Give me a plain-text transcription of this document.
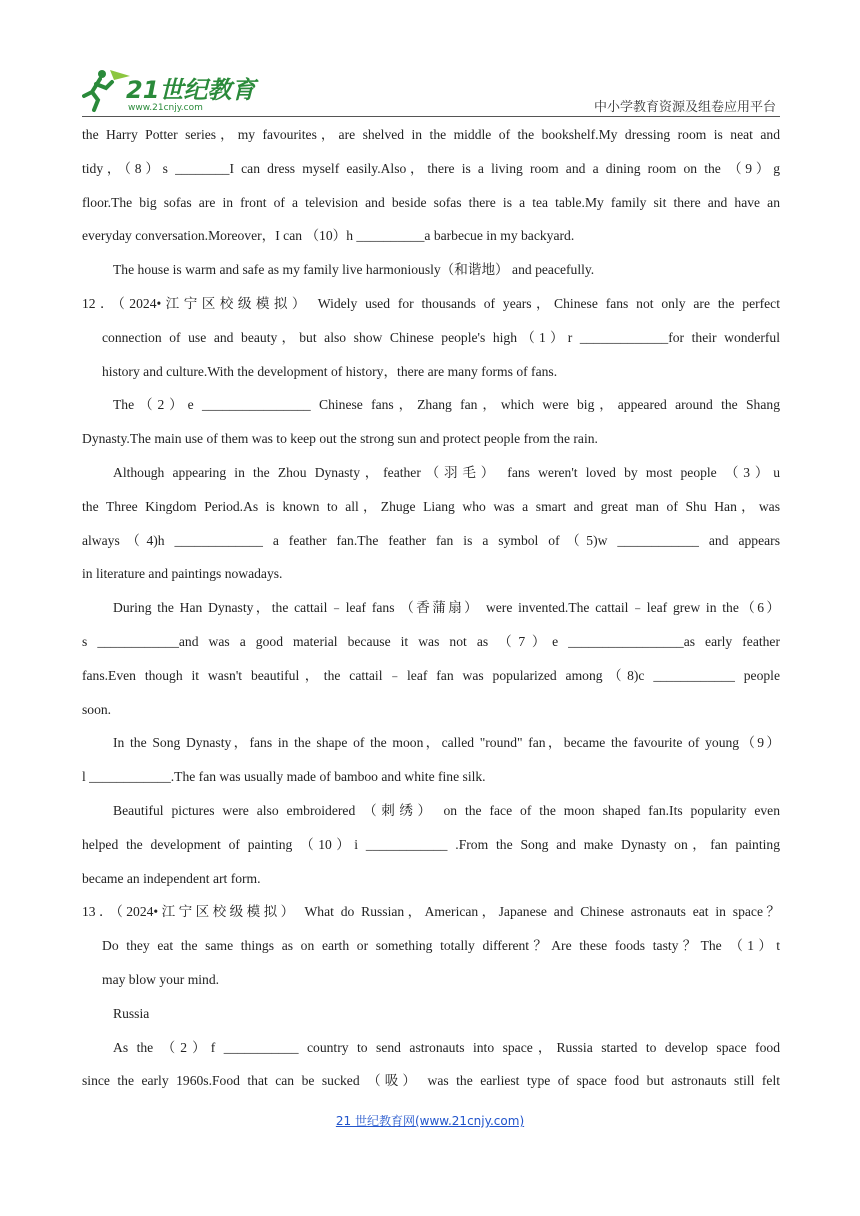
21世纪教育
www.21cnjy.com	中小学教育资源及组卷应用平台
the Harry Potter series，my favourites，are shelved in the middle of the bookshelf.My dressing room is neat and
tidy，（8）s ________I can dress myself easily.Also，there is a living room and a dining room on the （9）g
floor.The big sofas are in front of a television and beside sofas there is a tea table.My family sit there and have an
everyday conversation.Moreover，I can （10）h __________a barbecue in my backyard.
The house is warm and safe as my family live harmoniously（和谐地） and peacefully.
12．（2024•江宁区校级模拟） Widely used for thousands of years，Chinese fans not only are the perfect
connection of use and beauty，but also show Chinese people's high（1）r _____________for their wonderful
history and culture.With the development of history，there are many forms of fans.
The（2）e ________________ Chinese fans，Zhang fan，which were big，appeared around the Shang
Dynasty.The main use of them was to keep out the strong sun and protect people from the rain.
Although appearing in the Zhou Dynasty，feather（羽毛） fans weren't loved by most people （3）u
the Three Kingdom Period.As is known to all，Zhuge Liang who was a smart and great man of Shu Han，was
always（4)h _____________ a feather fan.The feather fan is a symbol of（5)w ____________ and appears
in literature and paintings nowadays.
During the Han Dynasty，the cattail﹣leaf fans （香蒲扇） were invented.The cattail﹣leaf grew in the（6）
s ____________and was a good material because it was not as （7）e _________________as early feather
fans.Even though it wasn't beautiful，the cattail﹣leaf fan was popularized among（8)c ____________ people
soon.
In the Song Dynasty，fans in the shape of the moon，called "round" fan，became the favourite of young（9）
l ____________.The fan was usually made of bamboo and white fine silk.
Beautiful pictures were also embroidered （刺绣） on the face of the moon shaped fan.Its popularity even
helped the development of painting （10）i ____________ .From the Song and make Dynasty on，fan painting
became an independent art form.
13．（2024•江宁区校级模拟） What do Russian，American，Japanese and Chinese astronauts eat in space？
Do they eat the same things as on earth or something totally different？Are these foods tasty？The （1）t
may blow your mind.
Russia
As the （2）f ___________ country to send astronauts into space，Russia started to develop space food
since the early 1960s.Food that can be sucked （吸） was the earliest type of space food but astronauts still felt
21 世纪教育网(www.21cnjy.com)
